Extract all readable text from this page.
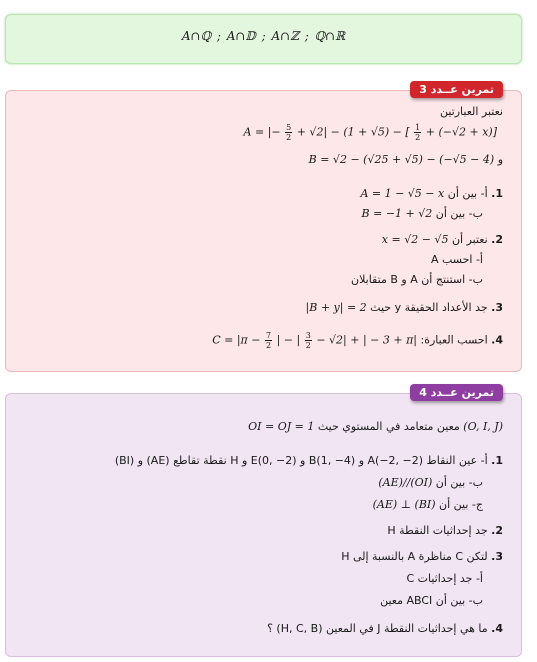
A∩ℚ ; A∩𝔻 ; A∩ℤ ; ℚ∩ℝ
تمرين عــدد 3
نعتبر العبارتين
A = |− $\frac{5}{2} + √2| - (1 + √5)$ − [ $\frac{1}{2} + (-√2 + x)$]
و B = √2 − (√25 + √5) − (−√5 − 4)
1. أ- بين أن A = 1 − √5 − x
ب- بين أن B = −1 + √2
2. نعتبر أن x = √2 − √5
أ- احسب A
ب- استنتج أن A و B متقابلان
3. جد الأعداد الحقيقة y حيث |B + y| = 2
4. احسب العبارة: $C = |\pi - \frac{7}{2}$ | − | $\frac{3}{2} - √2|$ + | − 3 + π|
تمرين عــدد 4
(O, I, J) معين متعامد في المستوي حيث OI = OJ = 1
1. أ- عين النقاط A(−2, −2) و B(1, −4) و E(0, −2) و H نقطة تقاطع (AE) و (BI)
ب- بين أن (AE)//(OI)
ج- بين أن (AE) ⊥ (BI)
2. جد إحداثيات النقطة H
3. لتكن C مناظرة A بالنسبة إلى H
أ- جد إحداثيات C
ب- بين أن ABCI معين
4. ما هي إحداثيات النقطة J في المعين (H, C, B) ؟
